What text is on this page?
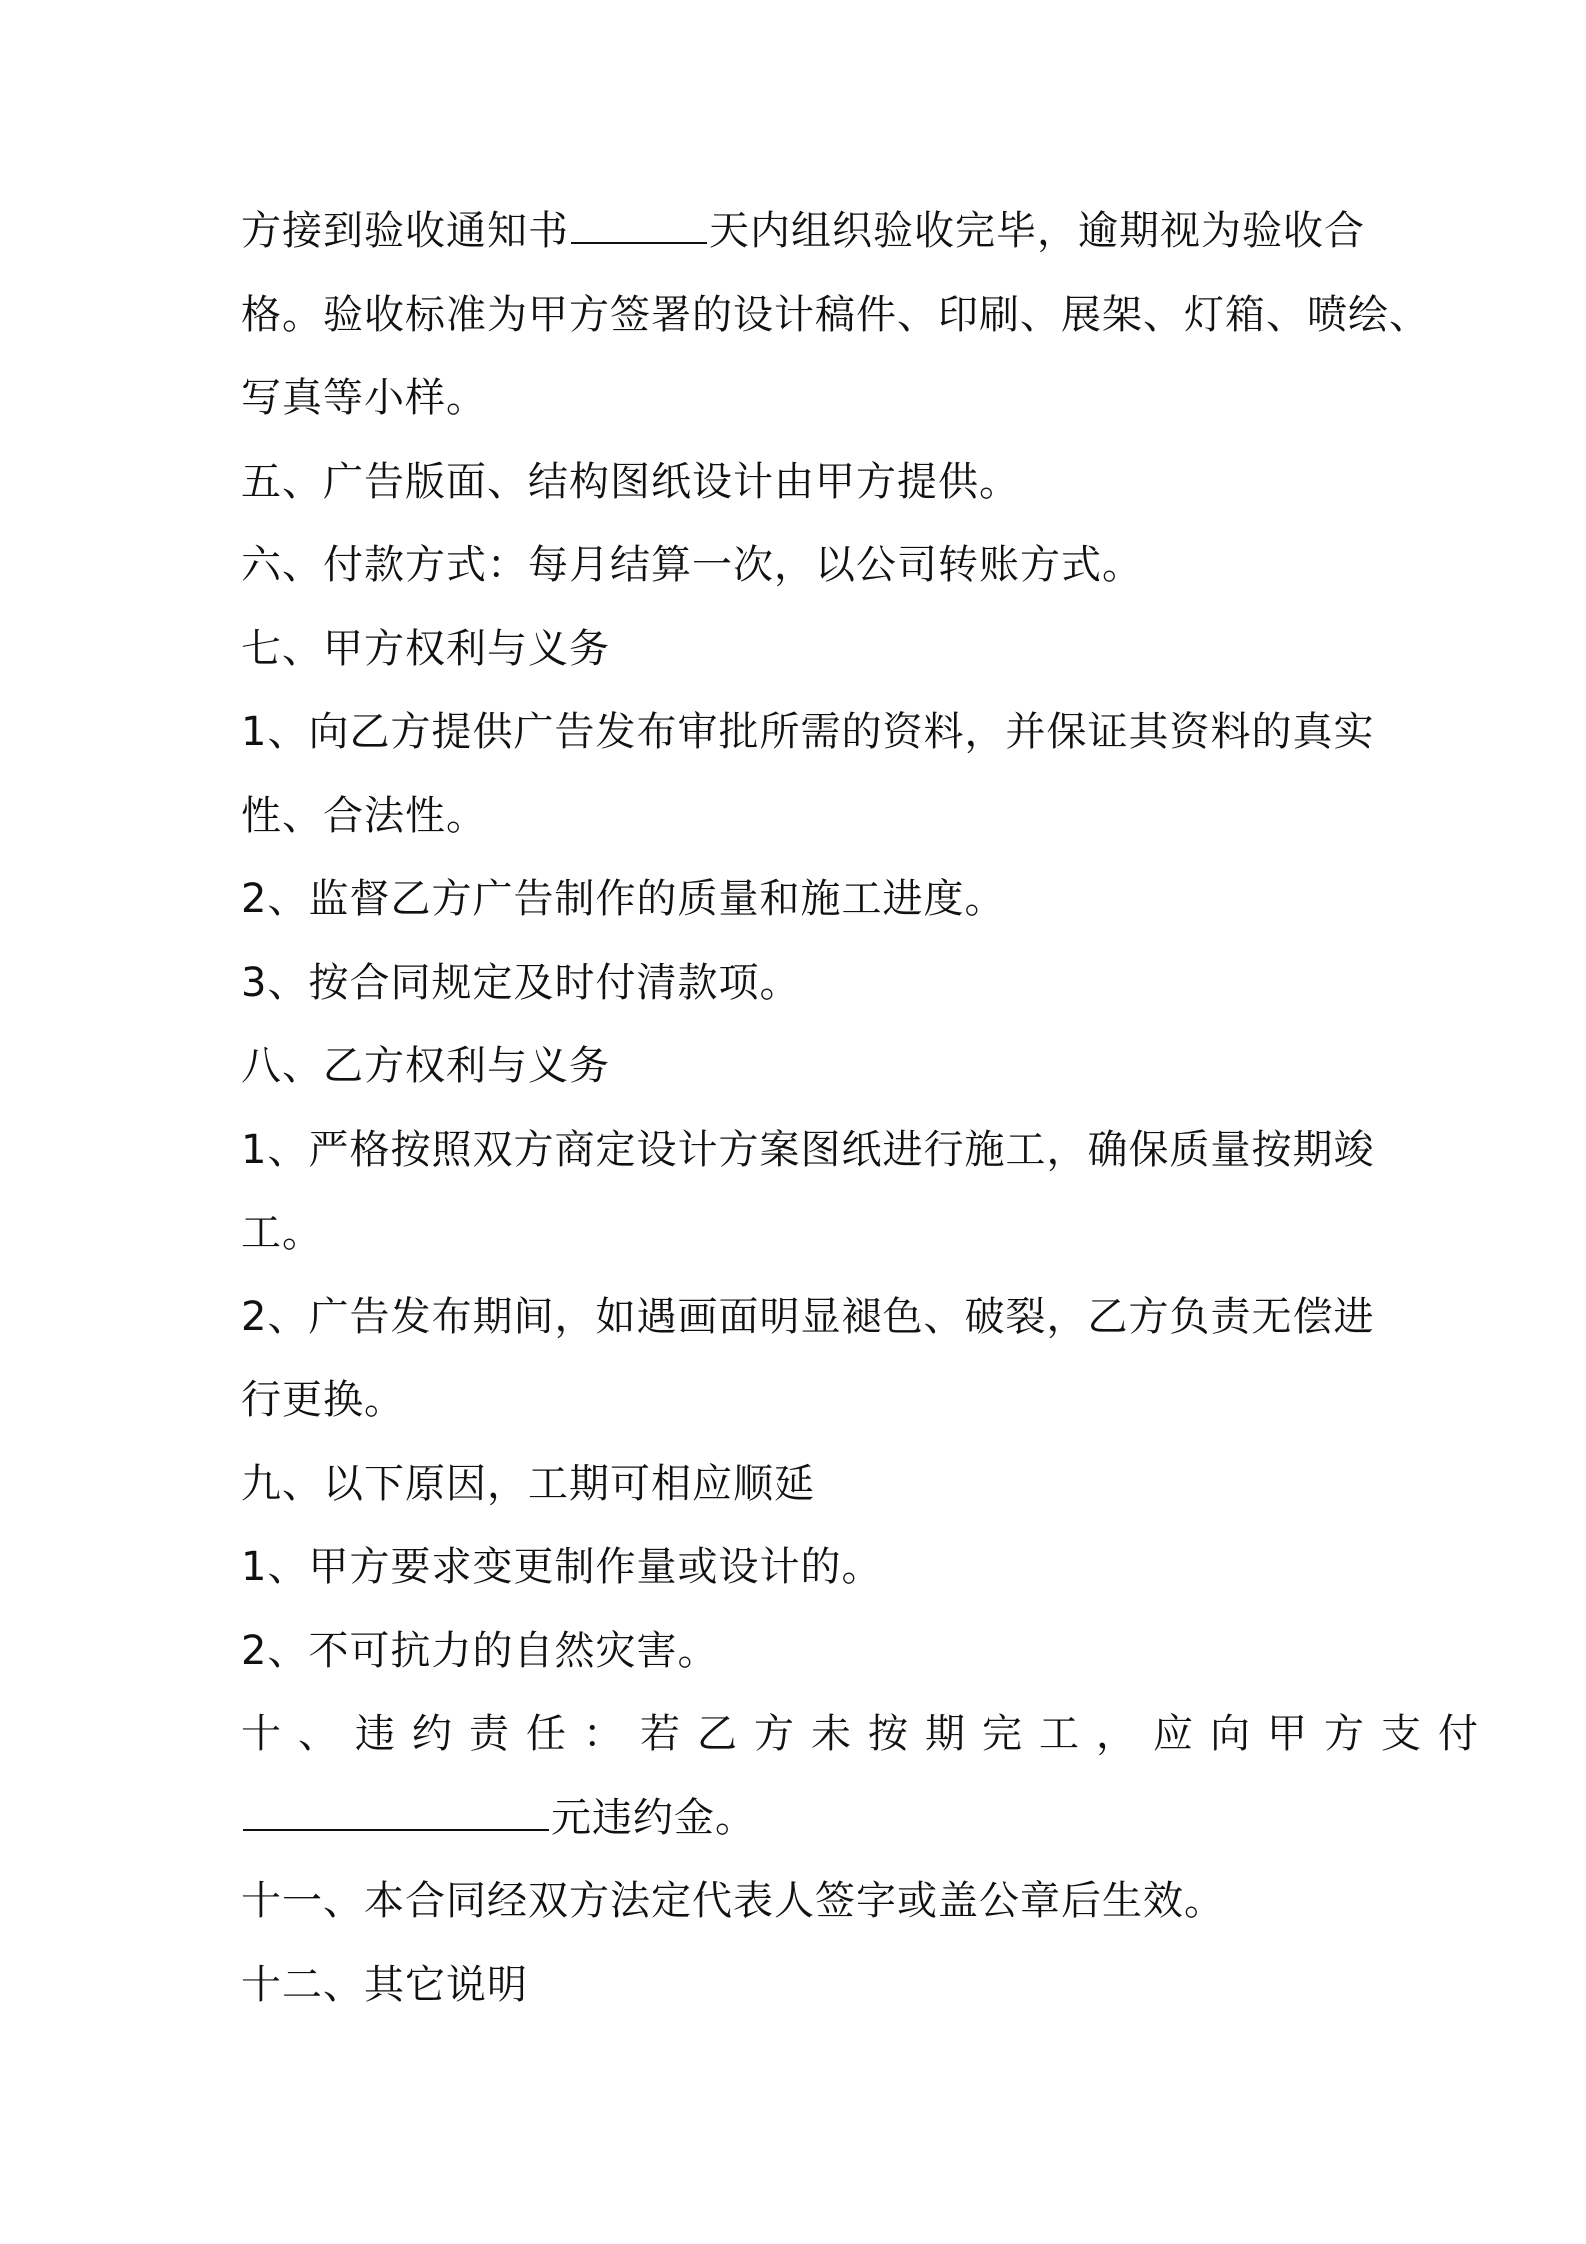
方接到验收通知书	天内组织验收完毕，逾期视为验收合
格。验收标准为甲方签署的设计稿件、印刷、展架、灯箱、喷绘、
写真等小样。
五、广告版面、结构图纸设计由甲方提供。
六、付款方式：每月结算一次，以公司转账方式。
七、甲方权利与义务
1、向乙方提供广告发布审批所需的资料，并保证其资料的真实
性、合法性。
2、监督乙方广告制作的质量和施工进度。
3、按合同规定及时付清款项。
八、乙方权利与义务
1、严格按照双方商定设计方案图纸进行施工，确保质量按期竣
工。
2、广告发布期间，如遇画面明显褪色、破裂，乙方负责无偿进
行更换。
九、以下原因，工期可相应顺延
1、甲方要求变更制作量或设计的。
2、不可抗力的自然灾害。
十、违约责任：若乙方未按期完工，应向甲方支付
元违约金。
十一、本合同经双方法定代表人签字或盖公章后生效。
十二、其它说明
